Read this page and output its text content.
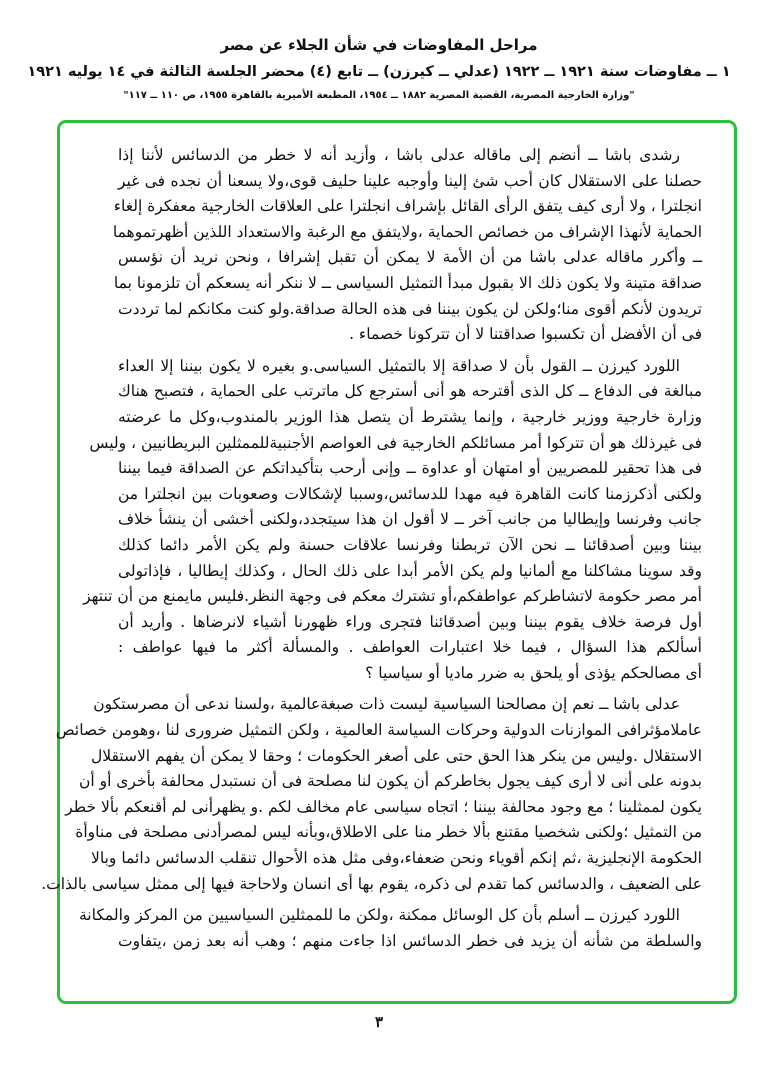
مراحل المفاوضات في شأن الجلاء عن مصر
١ ــ مفاوضات سنة ١٩٢١ ــ ١٩٢٢ (عدلي ــ كيرزن) ــ تابع (٤) محضر الجلسة الثالثة في ١٤ يوليه ١٩٢١
"وزارة الخارجية المصرية، القضية المصرية ١٨٨٢ ــ ١٩٥٤، المطبعة الأميرية بالقاهرة ١٩٥٥، ص ١١٠ ــ ١١٧"
رشدى باشا ــ أنضم إلى ماقاله عدلى باشا ، وأزيد أنه لا خطر من الدسائس لأننا إذا
حصلنا على الاستقلال كان أحب شئ إلينا وأوجبه علينا حليف قوى،ولا يسعنا أن نجده فى غير
انجلترا ، ولا أرى كيف يتفق الرأى القائل بإشراف انجلترا على العلاقات الخارجية معفكرة إلغاء
الحماية لأنهذا الإشراف من خصائص الحماية ،ولايتفق مع الرغبة والاستعداد اللذين أظهرتموهما
ــ وأكرر ماقاله عدلى باشا من أن الأمة لا يمكن أن تقبل إشرافا ، ونحن نريد أن نؤسس
صداقة متينة ولا يكون ذلك الا بقبول مبدأ التمثيل السياسى ــ لا ننكر أنه يسعكم أن تلزمونا بما
تريدون لأنكم أقوى منا؛ولكن لن يكون بيننا فى هذه الحالة صداقة.ولو كنت مكانكم لما ترددت
فى أن الأفضل أن تكسبوا صداقتنا لا أن تتركونا خصماء .
اللورد كيرزن ــ القول بأن لا صداقة إلا بالتمثيل السياسى.و بغيره لا يكون بيننا إلا العداء
مبالغة فى الدفاع ــ كل الذى أقترحه هو أنى أسترجع كل ماترتب على الحماية ، فتصبح هناك
وزارة خارجية ووزير خارجية ، وإنما يشترط أن يتصل هذا الوزير بالمندوب،وكل ما عرضته
فى غيرذلك هو أن تتركوا أمر مسائلكم الخارجية فى العواصم الأجنبيةللممثلين البريطانيين ، وليس
فى هذا تحقير للمصريين أو امتهان أو عداوة ــ وإنى أرحب بتأكيداتكم عن الصداقة فيما بيننا
ولكنى أذكرزمنا كانت القاهرة فيه مهدا للدسائس،وسببا لإشكالات وصعوبات بين انجلترا من
جانب وفرنسا وإيطاليا من جانب آخر ــ لا أقول ان هذا سيتجدد،ولكنى أخشى أن ينشأ خلاف
بيننا وبين أصدقائنا ــ نحن الآن تربطنا وفرنسا علاقات حسنة ولم يكن الأمر دائما كذلك
وقد سوينا مشاكلنا مع ألمانيا ولم يكن الأمر أبدا على ذلك الحال ، وكذلك إيطاليا ، فإذاتولى
أمر مصر حكومة لاتشاطركم عواطفكم،أو تشترك معكم فى وجهة النظر.فليس مايمنع من أن تنتهز
أول فرصة خلاف يقوم بيننا وبين أصدقائنا فتجرى وراء ظهورنا أشياء لانرضاها . وأريد أن
أسألكم هذا السؤال ، فيما خلا اعتبارات العواطف . والمسألة أكثر ما فيها عواطف :
أى مصالحكم يؤذى أو يلحق به ضرر ماديا أو سياسيا ؟
عدلى باشا ــ نعم إن مصالحنا السياسية ليست ذات صبغةعالمية ،ولسنا ندعى أن مصرستكون
عاملامؤثرافى الموازنات الدولية وحركات السياسة العالمية ، ولكن التمثيل ضرورى لنا ،وهومن خصائص
الاستقلال .وليس من ينكر هذا الحق حتى على أصغر الحكومات ؛ وحقا لا يمكن أن يفهم الاستقلال
بدونه على أنى لا أرى كيف يجول بخاطركم أن يكون لنا مصلحة فى أن نستبدل محالفة بأخرى أو أن
يكون لممثلينا ؛ مع وجود محالفة بيننا ؛ اتجاه سياسى عام مخالف لكم .و يظهرأنى لم أقنعكم بألا خطر
من التمثيل ؛ولكنى شخصيا مقتنع بألا خطر منا على الاطلاق،وبأنه ليس لمصرأدنى مصلحة فى مناوأة
الحكومة الإنجليزية ،ثم إنكم أقوياء ونحن ضعفاء،وفى مثل هذه الأحوال تنقلب الدسائس دائما وبالا
على الضعيف ، والدسائس كما تقدم لى ذكره، يقوم بها أى انسان ولاحاجة فيها إلى ممثل سياسى بالذات.
اللورد كيرزن ــ أسلم بأن كل الوسائل ممكنة ،ولكن ما للممثلين السياسيين من المركز والمكانة
والسلطة من شأنه أن يزيد فى خطر الدسائس اذا جاءت منهم ؛ وهب أنه بعد زمن ،يتفاوت
٣
